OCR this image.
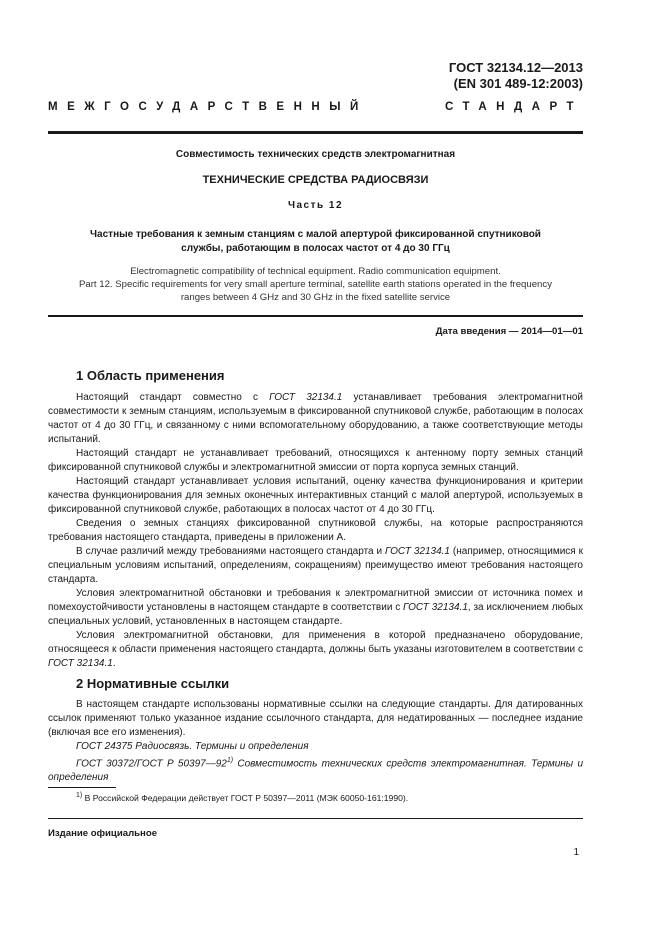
ГОСТ 32134.12—2013
(EN 301 489-12:2003)
МЕЖГОСУДАРСТВЕННЫЙ	СТАНДАРТ
Совместимость технических средств электромагнитная
ТЕХНИЧЕСКИЕ СРЕДСТВА РАДИОСВЯЗИ
Часть 12
Частные требования к земным станциям с малой апертурой фиксированной спутниковой
службы, работающим в полосах частот от 4 до 30 ГГц
Electromagnetic compatibility of technical equipment. Radio communication equipment.
Part 12. Specific requirements for very small aperture terminal, satellite earth stations operated in the frequency
ranges between 4 GHz and 30 GHz in the fixed satellite service
Дата введения — 2014—01—01
1 Область применения

Настоящий стандарт совместно с ГОСТ 32134.1 устанавливает требования электромагнитной совместимости к земным станциям, используемым в фиксированной спутниковой службе, работающим в полосах частот от 4 до 30 ГГц, и связанному с ними вспомогательному оборудованию, а также соответствующие методы испытаний.

Настоящий стандарт не устанавливает требований, относящихся к антенному порту земных станций фиксированной спутниковой службы и электромагнитной эмиссии от порта корпуса земных станций.

Настоящий стандарт устанавливает условия испытаний, оценку качества функционирования и критерии качества функционирования для земных оконечных интерактивных станций с малой апертурой, используемых в фиксированной спутниковой службе, работающих в полосах частот от 4 до 30 ГГц.

Сведения о земных станциях фиксированной спутниковой службы, на которые распространяются требования настоящего стандарта, приведены в приложении А.

В случае различий между требованиями настоящего стандарта и ГОСТ 32134.1 (например, относящимися к специальным условиям испытаний, определениям, сокращениям) преимущество имеют требования настоящего стандарта.

Условия электромагнитной обстановки и требования к электромагнитной эмиссии от источника помех и помехоустойчивости установлены в настоящем стандарте в соответствии с ГОСТ 32134.1, за исключением любых специальных условий, установленных в настоящем стандарте.

Условия электромагнитной обстановки, для применения в которой предназначено оборудование, относящееся к области применения настоящего стандарта, должны быть указаны изготовителем в соответствии с ГОСТ 32134.1.

2 Нормативные ссылки

В настоящем стандарте использованы нормативные ссылки на следующие стандарты. Для датированных ссылок применяют только указанное издание ссылочного стандарта, для недатированных — последнее издание (включая все его изменения).

ГОСТ 24375 Радиосвязь. Термины и определения

ГОСТ 30372/ГОСТ Р 50397—92$^{1)}$ Совместимость технических средств электромагнитная. Термины и определения

$^{1)}$ В Российской Федерации действует ГОСТ Р 50397—2011 (МЭК 60050-161:1990).
Издание официальное
1
